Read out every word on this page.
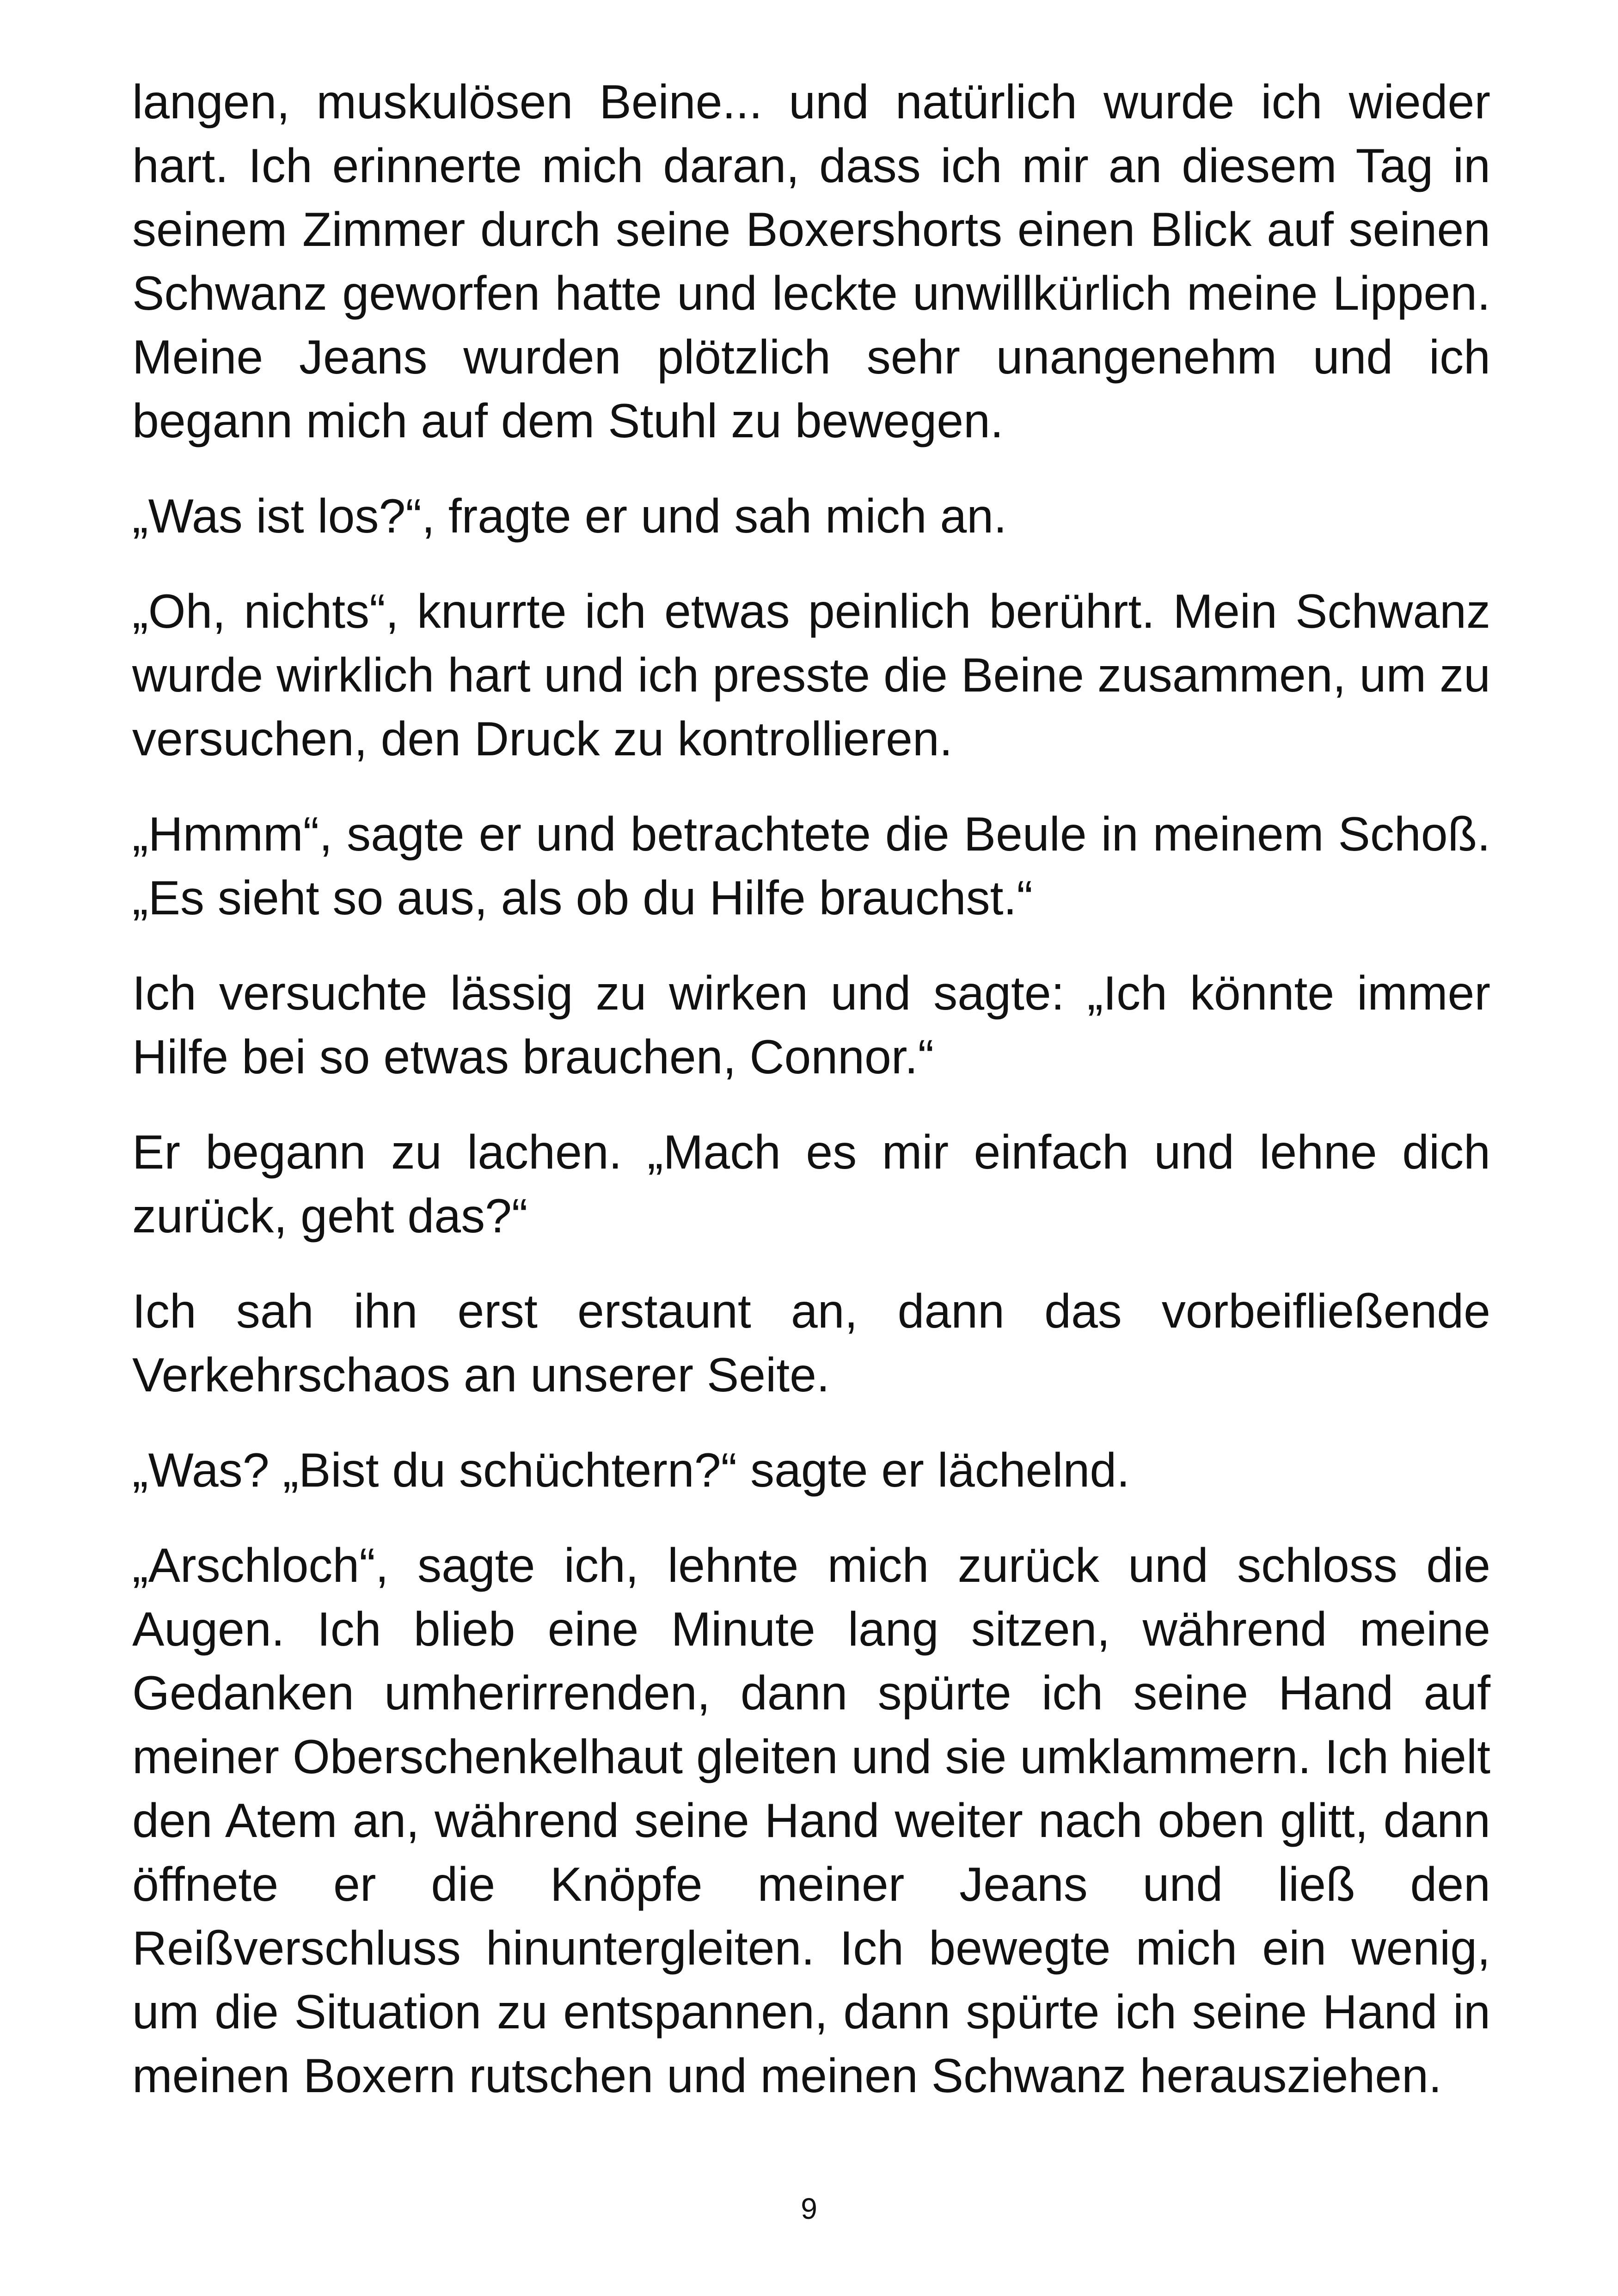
langen, muskulösen Beine... und natürlich wurde ich wieder hart. Ich erinnerte mich daran, dass ich mir an diesem Tag in seinem Zimmer durch seine Boxershorts einen Blick auf seinen Schwanz geworfen hatte und leckte unwillkürlich meine Lippen. Meine Jeans wurden plötzlich sehr unangenehm und ich begann mich auf dem Stuhl zu bewegen.

„Was ist los?“, fragte er und sah mich an.

„Oh, nichts“, knurrte ich etwas peinlich berührt. Mein Schwanz wurde wirklich hart und ich presste die Beine zusammen, um zu versuchen, den Druck zu kontrollieren.

„Hmmm“, sagte er und betrachtete die Beule in meinem Schoß. „Es sieht so aus, als ob du Hilfe brauchst.“

Ich versuchte lässig zu wirken und sagte: „Ich könnte immer Hilfe bei so etwas brauchen, Connor.“

Er begann zu lachen. „Mach es mir einfach und lehne dich zurück, geht das?“

Ich sah ihn erst erstaunt an, dann das vorbeifließende Verkehrschaos an unserer Seite.

„Was? „Bist du schüchtern?“ sagte er lächelnd.

„Arschloch“, sagte ich, lehnte mich zurück und schloss die Augen. Ich blieb eine Minute lang sitzen, während meine Gedanken umherirrenden, dann spürte ich seine Hand auf meiner Oberschenkelhaut gleiten und sie umklammern. Ich hielt den Atem an, während seine Hand weiter nach oben glitt, dann öffnete er die Knöpfe meiner Jeans und ließ den Reißverschluss hinuntergleiten. Ich bewegte mich ein wenig, um die Situation zu entspannen, dann spürte ich seine Hand in meinen Boxern rutschen und meinen Schwanz herausziehen.

9
